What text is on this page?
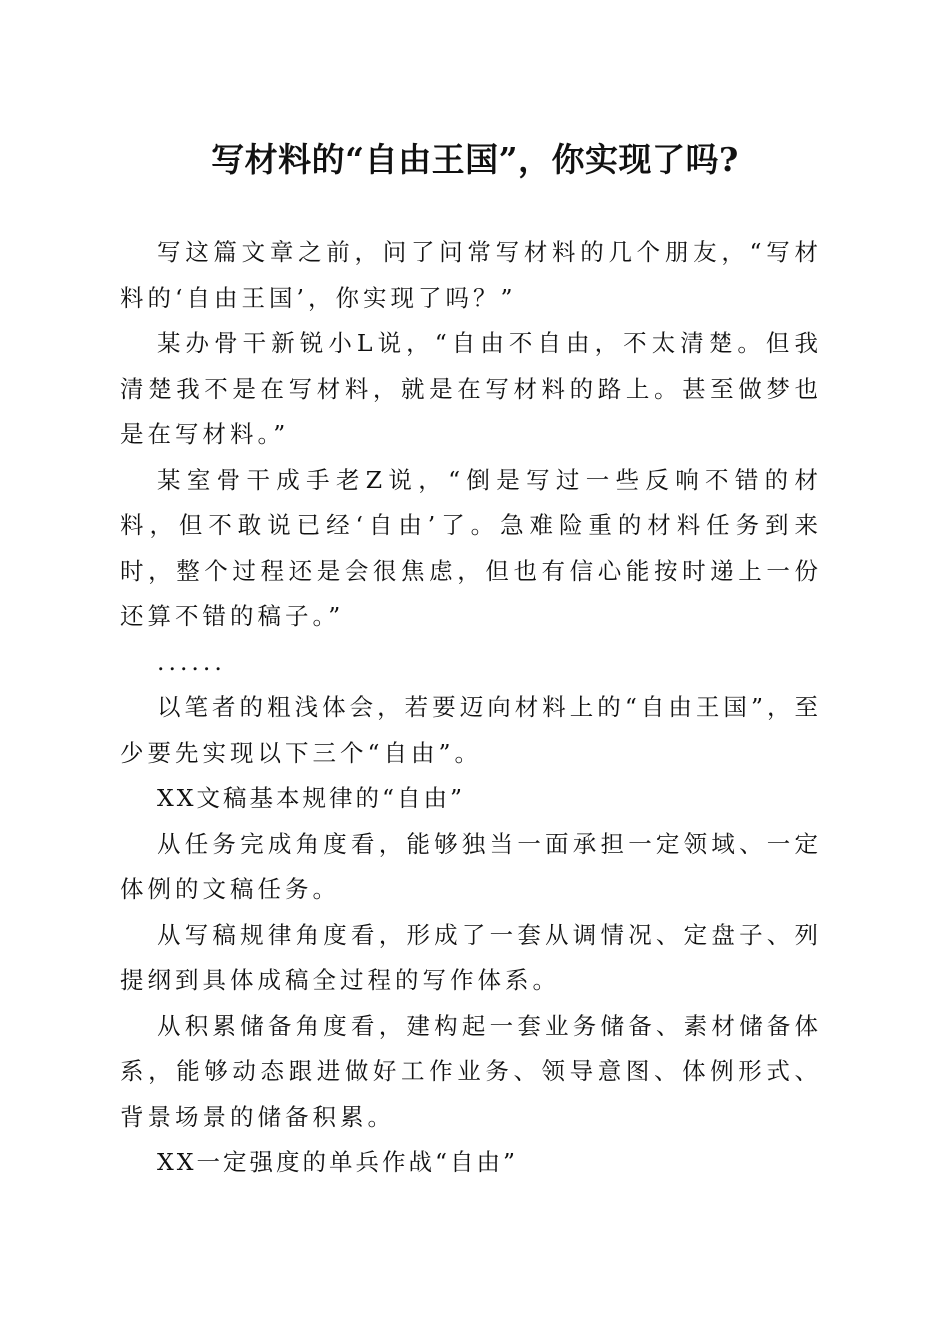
写材料的“自由王国”，你实现了吗?

写这篇文章之前，问了问常写材料的几个朋友，“写材料的‘自由王国’，你实现了吗？”

某办骨干新锐小L说，“自由不自由，不太清楚。但我清楚我不是在写材料，就是在写材料的路上。甚至做梦也是在写材料。”

某室骨干成手老Z说，“倒是写过一些反响不错的材料，但不敢说已经‘自由’了。急难险重的材料任务到来时，整个过程还是会很焦虑，但也有信心能按时递上一份还算不错的稿子。”

......

以笔者的粗浅体会，若要迈向材料上的“自由王国”，至少要先实现以下三个“自由”。

XX文稿基本规律的“自由”

从任务完成角度看，能够独当一面承担一定领域、一定体例的文稿任务。

从写稿规律角度看，形成了一套从调情况、定盘子、列提纲到具体成稿全过程的写作体系。

从积累储备角度看，建构起一套业务储备、素材储备体系，能够动态跟进做好工作业务、领导意图、体例形式、背景场景的储备积累。

XX一定强度的单兵作战“自由”
